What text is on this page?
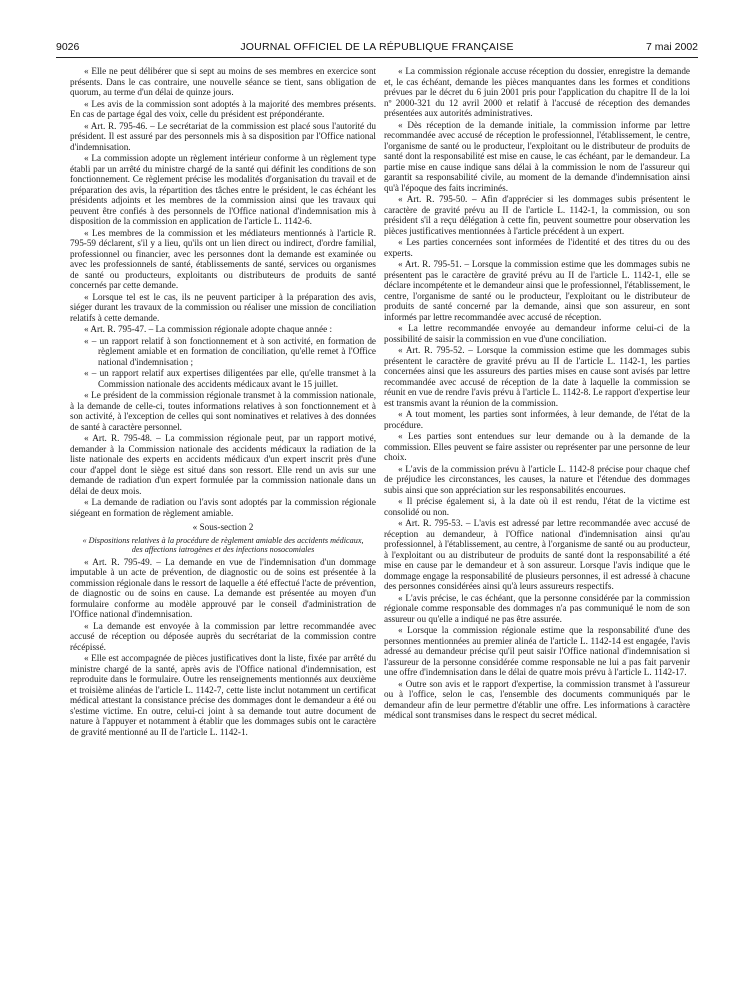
9026	JOURNAL OFFICIEL DE LA RÉPUBLIQUE FRANÇAISE	7 mai 2002

« Elle ne peut délibérer que si sept au moins de ses membres en exercice sont présents. Dans le cas contraire, une nouvelle séance se tient, sans obligation de quorum, au terme d'un délai de quinze jours.

« Les avis de la commission sont adoptés à la majorité des membres présents. En cas de partage égal des voix, celle du président est prépondérante.

« Art. R. 795-46. – Le secrétariat de la commission est placé sous l'autorité du président. Il est assuré par des personnels mis à sa disposition par l'Office national d'indemnisation.

« La commission adopte un règlement intérieur conforme à un règlement type établi par un arrêté du ministre chargé de la santé qui définit les conditions de son fonctionnement. Ce règlement précise les modalités d'organisation du travail et de préparation des avis, la répartition des tâches entre le président, le cas échéant les présidents adjoints et les membres de la commission ainsi que les travaux qui peuvent être confiés à des personnels de l'Office national d'indemnisation mis à disposition de la commission en application de l'article L. 1142-6.

« Les membres de la commission et les médiateurs mentionnés à l'article R. 795-59 déclarent, s'il y a lieu, qu'ils ont un lien direct ou indirect, d'ordre familial, professionnel ou financier, avec les personnes dont la demande est examinée ou avec les professionnels de santé, établissements de santé, services ou organismes de santé ou producteurs, exploitants ou distributeurs de produits de santé concernés par cette demande.

« Lorsque tel est le cas, ils ne peuvent participer à la préparation des avis, siéger durant les travaux de la commission ou réaliser une mission de conciliation relatifs à cette demande.

« Art. R. 795-47. – La commission régionale adopte chaque année :

« – un rapport relatif à son fonctionnement et à son activité, en formation de règlement amiable et en formation de conciliation, qu'elle remet à l'Office national d'indemnisation ;

« – un rapport relatif aux expertises diligentées par elle, qu'elle transmet à la Commission nationale des accidents médicaux avant le 15 juillet.

« Le président de la commission régionale transmet à la commission nationale, à la demande de celle-ci, toutes informations relatives à son fonctionnement et à son activité, à l'exception de celles qui sont nominatives et relatives à des données de santé à caractère personnel.

« Art. R. 795-48. – La commission régionale peut, par un rapport motivé, demander à la Commission nationale des accidents médicaux la radiation de la liste nationale des experts en accidents médicaux d'un expert inscrit près d'une cour d'appel dont le siège est situé dans son ressort. Elle rend un avis sur une demande de radiation d'un expert formulée par la commission nationale dans un délai de deux mois.

« La demande de radiation ou l'avis sont adoptés par la commission régionale siégeant en formation de règlement amiable.

« Sous-section 2

« Dispositions relatives à la procédure de règlement amiable des accidents médicaux, des affections iatrogènes et des infections nosocomiales

« Art. R. 795-49. – La demande en vue de l'indemnisation d'un dommage imputable à un acte de prévention, de diagnostic ou de soins est présentée à la commission régionale dans le ressort de laquelle a été effectué l'acte de prévention, de diagnostic ou de soins en cause. La demande est présentée au moyen d'un formulaire conforme au modèle approuvé par le conseil d'administration de l'Office national d'indemnisation.

« La demande est envoyée à la commission par lettre recommandée avec accusé de réception ou déposée auprès du secrétariat de la commission contre récépissé.

« Elle est accompagnée de pièces justificatives dont la liste, fixée par arrêté du ministre chargé de la santé, après avis de l'Office national d'indemnisation, est reproduite dans le formulaire. Outre les renseignements mentionnés aux deuxième et troisième alinéas de l'article L. 1142-7, cette liste inclut notamment un certificat médical attestant la consistance précise des dommages dont le demandeur a été ou s'estime victime. En outre, celui-ci joint à sa demande tout autre document de nature à l'appuyer et notamment à établir que les dommages subis ont le caractère de gravité mentionné au II de l'article L. 1142-1.

« La commission régionale accuse réception du dossier, enregistre la demande et, le cas échéant, demande les pièces manquantes dans les formes et conditions prévues par le décret du 6 juin 2001 pris pour l'application du chapitre II de la loi nº 2000-321 du 12 avril 2000 et relatif à l'accusé de réception des demandes présentées aux autorités administratives.

« Dès réception de la demande initiale, la commission informe par lettre recommandée avec accusé de réception le professionnel, l'établissement, le centre, l'organisme de santé ou le producteur, l'exploitant ou le distributeur de produits de santé dont la responsabilité est mise en cause, le cas échéant, par le demandeur. La partie mise en cause indique sans délai à la commission le nom de l'assureur qui garantit sa responsabilité civile, au moment de la demande d'indemnisation ainsi qu'à l'époque des faits incriminés.

« Art. R. 795-50. – Afin d'apprécier si les dommages subis présentent le caractère de gravité prévu au II de l'article L. 1142-1, la commission, ou son président s'il a reçu délégation à cette fin, peuvent soumettre pour observation les pièces justificatives mentionnées à l'article précédent à un expert.

« Les parties concernées sont informées de l'identité et des titres du ou des experts.

« Art. R. 795-51. – Lorsque la commission estime que les dommages subis ne présentent pas le caractère de gravité prévu au II de l'article L. 1142-1, elle se déclare incompétente et le demandeur ainsi que le professionnel, l'établissement, le centre, l'organisme de santé ou le producteur, l'exploitant ou le distributeur de produits de santé concerné par la demande, ainsi que son assureur, en sont informés par lettre recommandée avec accusé de réception.

« La lettre recommandée envoyée au demandeur informe celui-ci de la possibilité de saisir la commission en vue d'une conciliation.

« Art. R. 795-52. – Lorsque la commission estime que les dommages subis présentent le caractère de gravité prévu au II de l'article L. 1142-1, les parties concernées ainsi que les assureurs des parties mises en cause sont avisés par lettre recommandée avec accusé de réception de la date à laquelle la commission se réunit en vue de rendre l'avis prévu à l'article L. 1142-8. Le rapport d'expertise leur est transmis avant la réunion de la commission.

« A tout moment, les parties sont informées, à leur demande, de l'état de la procédure.

« Les parties sont entendues sur leur demande ou à la demande de la commission. Elles peuvent se faire assister ou représenter par une personne de leur choix.

« L'avis de la commission prévu à l'article L. 1142-8 précise pour chaque chef de préjudice les circonstances, les causes, la nature et l'étendue des dommages subis ainsi que son appréciation sur les responsabilités encourues.

« Il précise également si, à la date où il est rendu, l'état de la victime est consolidé ou non.

« Art. R. 795-53. – L'avis est adressé par lettre recommandée avec accusé de réception au demandeur, à l'Office national d'indemnisation ainsi qu'au professionnel, à l'établissement, au centre, à l'organisme de santé ou au producteur, à l'exploitant ou au distributeur de produits de santé dont la responsabilité a été mise en cause par le demandeur et à son assureur. Lorsque l'avis indique que le dommage engage la responsabilité de plusieurs personnes, il est adressé à chacune des personnes considérées ainsi qu'à leurs assureurs respectifs.

« L'avis précise, le cas échéant, que la personne considérée par la commission régionale comme responsable des dommages n'a pas communiqué le nom de son assureur ou qu'elle a indiqué ne pas être assurée.

« Lorsque la commission régionale estime que la responsabilité d'une des personnes mentionnées au premier alinéa de l'article L. 1142-14 est engagée, l'avis adressé au demandeur précise qu'il peut saisir l'Office national d'indemnisation si l'assureur de la personne considérée comme responsable ne lui a pas fait parvenir une offre d'indemnisation dans le délai de quatre mois prévu à l'article L. 1142-17.

« Outre son avis et le rapport d'expertise, la commission transmet à l'assureur ou à l'office, selon le cas, l'ensemble des documents communiqués par le demandeur afin de leur permettre d'établir une offre. Les informations à caractère médical sont transmises dans le respect du secret médical.
